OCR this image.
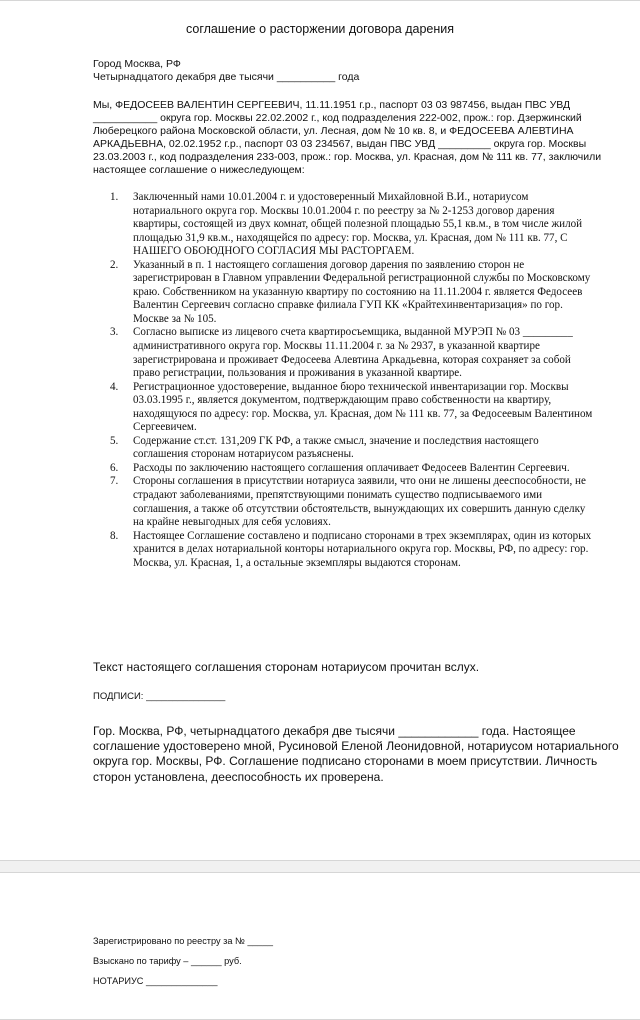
соглашение о расторжении договора дарения
Город Москва, РФ
Четырнадцатого декабря две тысячи __________ года
Мы, ФЕДОСЕЕВ ВАЛЕНТИН СЕРГЕЕВИЧ, 11.11.1951 г.р., паспорт 03 03 987456, выдан ПВС УВД ___________ округа гор. Москвы 22.02.2002 г., код подразделения 222-002, прож.: гор. Дзержинский Люберецкого района Московской области, ул. Лесная, дом № 10 кв. 8, и ФЕДОСЕЕВА АЛЕВТИНА АРКАДЬЕВНА, 02.02.1952 г.р., паспорт 03 03 234567, выдан ПВС УВД _________ округа гор. Москвы 23.03.2003 г., код подразделения 233-003, прож.: гор. Москва, ул. Красная, дом № 111 кв. 77, заключили настоящее соглашение о нижеследующем:
1. Заключенный нами 10.01.2004 г. и удостоверенный Михайловной В.И., нотариусом нотариального округа гор. Москвы 10.01.2004 г. по реестру за № 2-1253 договор дарения квартиры, состоящей из двух комнат, общей полезной площадью 55,1 кв.м., в том числе жилой площадью 31,9 кв.м., находящейся по адресу: гор. Москва, ул. Красная, дом № 111 кв. 77, С НАШЕГО ОБОЮДНОГО СОГЛАСИЯ МЫ РАСТОРГАЕМ.
2. Указанный в п. 1 настоящего соглашения договор дарения по заявлению сторон не зарегистрирован в Главном управлении Федеральной регистрационной службы по Московскому краю. Собственником на указанную квартиру по состоянию на 11.11.2004 г. является Федосеев Валентин Сергеевич согласно справке филиала ГУП КК «Крайтехинвентаризация» по гор. Москве за № 105.
3. Согласно выписке из лицевого счета квартиросъемщика, выданной МУРЭП № 03 _________ административного округа гор. Москвы 11.11.2004 г. за № 2937, в указанной квартире зарегистрирована и проживает Федосеева Алевтина Аркадьевна, которая сохраняет за собой право регистрации, пользования и проживания в указанной квартире.
4. Регистрационное удостоверение, выданное бюро технической инвентаризации гор. Москвы 03.03.1995 г., является документом, подтверждающим право собственности на квартиру, находящуюся по адресу: гор. Москва, ул. Красная, дом № 111 кв. 77, за Федосеевым Валентином Сергеевичем.
5. Содержание ст.ст. 131,209 ГК РФ, а также смысл, значение и последствия настоящего соглашения сторонам нотариусом разъяснены.
6. Расходы по заключению настоящего соглашения оплачивает Федосеев Валентин Сергеевич.
7. Стороны соглашения в присутствии нотариуса заявили, что они не лишены дееспособности, не страдают заболеваниями, препятствующими понимать существо подписываемого ими соглашения, а также об отсутствии обстоятельств, вынуждающих их совершить данную сделку на крайне невыгодных для себя условиях.
8. Настоящее Соглашение составлено и подписано сторонами в трех экземплярах, один из которых хранится в делах нотариальной конторы нотариального округа гор. Москвы, РФ, по адресу: гор. Москва, ул. Красная, 1, а остальные экземпляры выдаются сторонам.
Текст настоящего соглашения сторонам нотариусом прочитан вслух.
ПОДПИСИ: _______________
Гор. Москва, РФ, четырнадцатого декабря две тысячи ____________ года. Настоящее соглашение удостоверено мной, Русиновой Еленой Леонидовной, нотариусом нотариального округа гор. Москвы, РФ. Соглашение подписано сторонами в моем присутствии. Личность сторон установлена, дееспособность их проверена.
Зарегистрировано по реестру за № _____
Взыскано по тарифу – ______ руб.
НОТАРИУС ______________
